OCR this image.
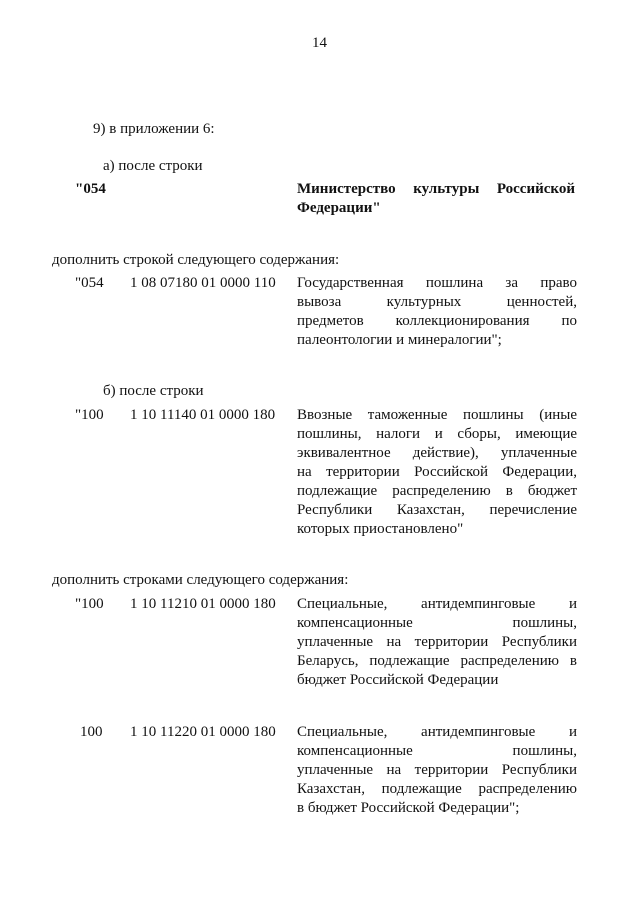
14
9) в приложении 6:
а) после строки
"054	Министерство культуры Российской
Федерации"
дополнить строкой следующего содержания:
"054 1 08 07180 01 0000 110 Государственная пошлина за право
вывоза культурных ценностей,
предметов коллекционирования по
палеонтологии и минералогии";
б) после строки
"100 1 10 11140 01 0000 180 Ввозные таможенные пошлины (иные
пошлины, налоги и сборы, имеющие
эквивалентное действие), уплаченные
на территории Российской Федерации,
подлежащие распределению в бюджет
Республики Казахстан, перечисление
которых приостановлено"
дополнить строками следующего содержания:
"100 1 10 11210 01 0000 180 Специальные, антидемпинговые и
компенсационные пошлины,
уплаченные на территории Республики
Беларусь, подлежащие распределению в
бюджет Российской Федерации
100 1 10 11220 01 0000 180 Специальные, антидемпинговые и
компенсационные пошлины,
уплаченные на территории Республики
Казахстан, подлежащие распределению
в бюджет Российской Федерации";
